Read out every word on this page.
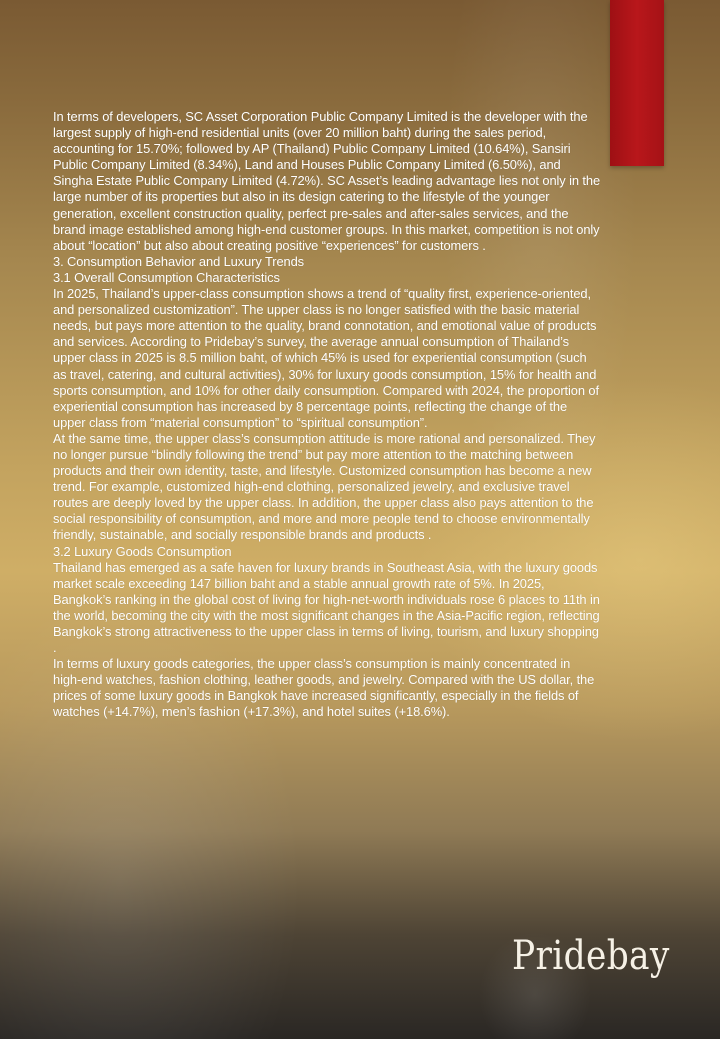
In terms of developers, SC Asset Corporation Public Company Limited is the developer with the largest supply of high-end residential units (over 20 million baht) during the sales period, accounting for 15.70%; followed by AP (Thailand) Public Company Limited (10.64%), Sansiri Public Company Limited (8.34%), Land and Houses Public Company Limited (6.50%), and Singha Estate Public Company Limited (4.72%). SC Asset’s leading advantage lies not only in the large number of its properties but also in its design catering to the lifestyle of the younger generation, excellent construction quality, perfect pre-sales and after-sales services, and the brand image established among high-end customer groups. In this market, competition is not only about “location” but also about creating positive “experiences” for customers .

3. Consumption Behavior and Luxury Trends

3.1 Overall Consumption Characteristics

In 2025, Thailand’s upper-class consumption shows a trend of “quality first, experience-oriented, and personalized customization”. The upper class is no longer satisfied with the basic material needs, but pays more attention to the quality, brand connotation, and emotional value of products and services. According to Pridebay’s survey, the average annual consumption of Thailand’s upper class in 2025 is 8.5 million baht, of which 45% is used for experiential consumption (such as travel, catering, and cultural activities), 30% for luxury goods consumption, 15% for health and sports consumption, and 10% for other daily consumption. Compared with 2024, the proportion of experiential consumption has increased by 8 percentage points, reflecting the change of the upper class from “material consumption” to “spiritual consumption”.

At the same time, the upper class’s consumption attitude is more rational and personalized. They no longer pursue “blindly following the trend” but pay more attention to the matching between products and their own identity, taste, and lifestyle. Customized consumption has become a new trend. For example, customized high-end clothing, personalized jewelry, and exclusive travel routes are deeply loved by the upper class. In addition, the upper class also pays attention to the social responsibility of consumption, and more and more people tend to choose environmentally friendly, sustainable, and socially responsible brands and products .

3.2 Luxury Goods Consumption

Thailand has emerged as a safe haven for luxury brands in Southeast Asia, with the luxury goods market scale exceeding 147 billion baht and a stable annual growth rate of 5%. In 2025, Bangkok’s ranking in the global cost of living for high-net-worth individuals rose 6 places to 11th in the world, becoming the city with the most significant changes in the Asia-Pacific region, reflecting Bangkok’s strong attractiveness to the upper class in terms of living, tourism, and luxury shopping .

In terms of luxury goods categories, the upper class’s consumption is mainly concentrated in high-end watches, fashion clothing, leather goods, and jewelry. Compared with the US dollar, the prices of some luxury goods in Bangkok have increased significantly, especially in the fields of watches (+14.7%), men’s fashion (+17.3%), and hotel suites (+18.6%).

Pridebay
